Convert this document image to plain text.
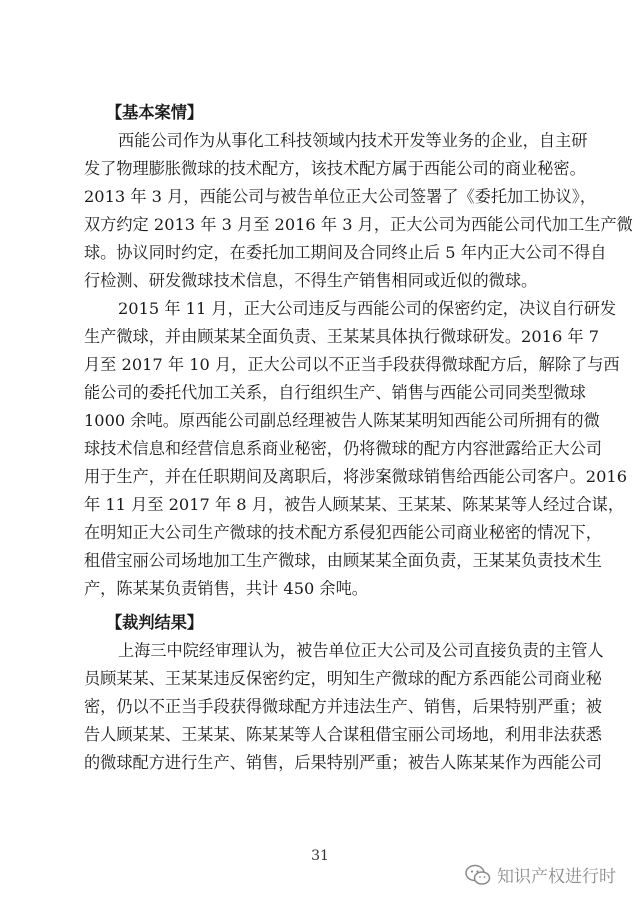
【基本案情】
西能公司作为从事化工科技领域内技术开发等业务的企业，自主研
发了物理膨胀微球的技术配方，该技术配方属于西能公司的商业秘密。
2013 年 3 月，西能公司与被告单位正大公司签署了《委托加工协议》，
双方约定 2013 年 3 月至 2016 年 3 月，正大公司为西能公司代加工生产微
球。协议同时约定，在委托加工期间及合同终止后 5 年内正大公司不得自
行检测、研发微球技术信息，不得生产销售相同或近似的微球。
2015 年 11 月，正大公司违反与西能公司的保密约定，决议自行研发
生产微球，并由顾某某全面负责、王某某具体执行微球研发。2016 年 7
月至 2017 年 10 月，正大公司以不正当手段获得微球配方后，解除了与西
能公司的委托代加工关系，自行组织生产、销售与西能公司同类型微球
1000 余吨。原西能公司副总经理被告人陈某某明知西能公司所拥有的微
球技术信息和经营信息系商业秘密，仍将微球的配方内容泄露给正大公司
用于生产，并在任职期间及离职后，将涉案微球销售给西能公司客户。2016
年 11 月至 2017 年 8 月，被告人顾某某、王某某、陈某某等人经过合谋，
在明知正大公司生产微球的技术配方系侵犯西能公司商业秘密的情况下，
租借宝丽公司场地加工生产微球，由顾某某全面负责，王某某负责技术生
产，陈某某负责销售，共计 450 余吨。
【裁判结果】
上海三中院经审理认为，被告单位正大公司及公司直接负责的主管人
员顾某某、王某某违反保密约定，明知生产微球的配方系西能公司商业秘
密，仍以不正当手段获得微球配方并违法生产、销售，后果特别严重；被
告人顾某某、王某某、陈某某等人合谋租借宝丽公司场地，利用非法获悉
的微球配方进行生产、销售，后果特别严重；被告人陈某某作为西能公司
31
知识产权进行时
